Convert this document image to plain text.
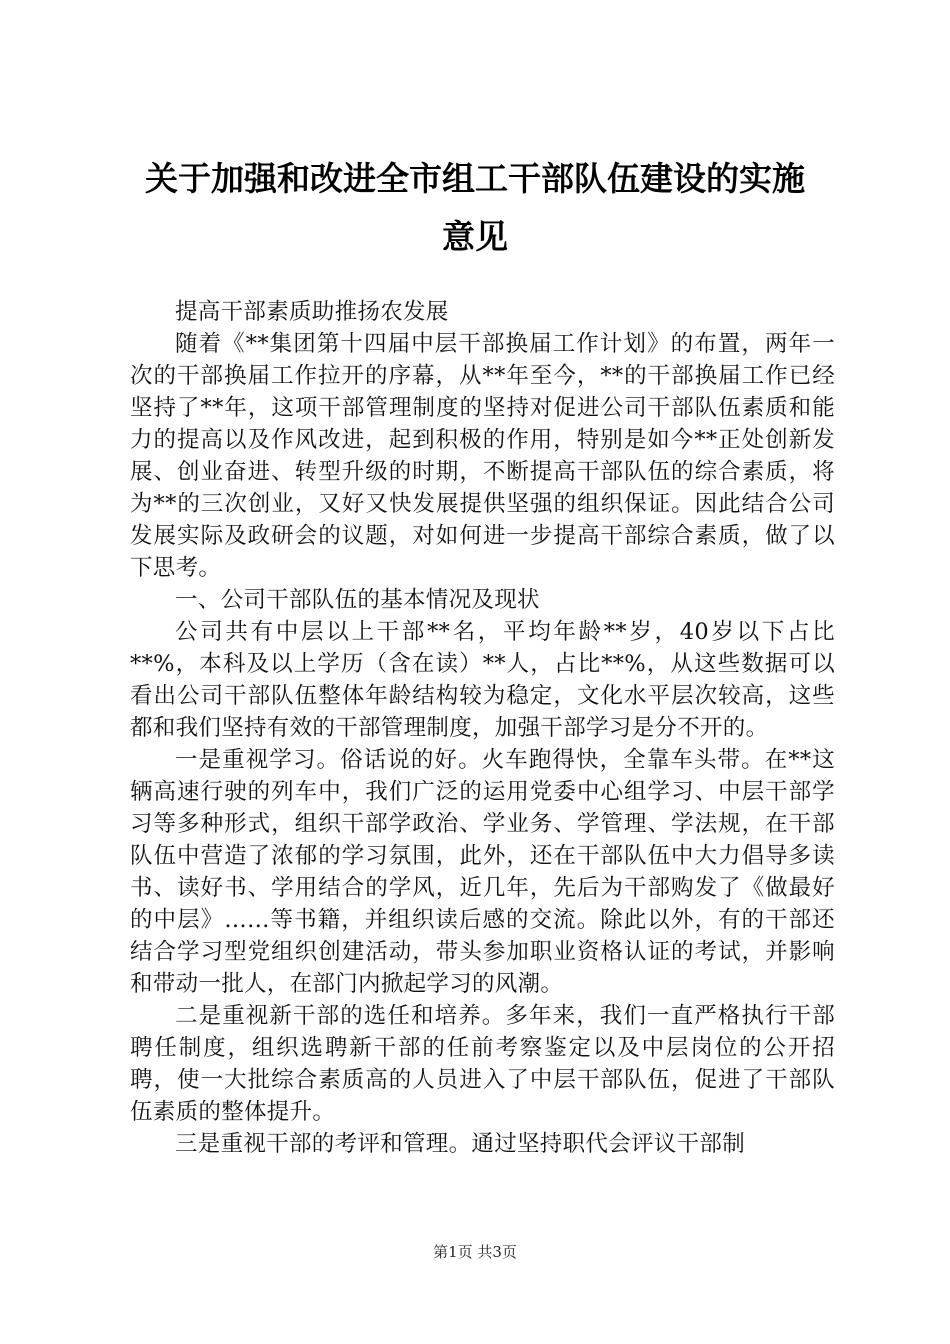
关于加强和改进全市组工干部队伍建设的实施
意见

提高干部素质助推扬农发展

随着《**集团第十四届中层干部换届工作计划》的布置，两年一次的干部换届工作拉开的序幕，从**年至今，**的干部换届工作已经坚持了**年，这项干部管理制度的坚持对促进公司干部队伍素质和能力的提高以及作风改进，起到积极的作用，特别是如今**正处创新发展、创业奋进、转型升级的时期，不断提高干部队伍的综合素质，将为**的三次创业，又好又快发展提供坚强的组织保证。因此结合公司发展实际及政研会的议题，对如何进一步提高干部综合素质，做了以下思考。

一、公司干部队伍的基本情况及现状

公司共有中层以上干部**名，平均年龄**岁，40岁以下占比**%，本科及以上学历（含在读）**人，占比**%，从这些数据可以看出公司干部队伍整体年龄结构较为稳定，文化水平层次较高，这些都和我们坚持有效的干部管理制度，加强干部学习是分不开的。

一是重视学习。俗话说的好。火车跑得快，全靠车头带。在**这辆高速行驶的列车中，我们广泛的运用党委中心组学习、中层干部学习等多种形式，组织干部学政治、学业务、学管理、学法规，在干部队伍中营造了浓郁的学习氛围，此外，还在干部队伍中大力倡导多读书、读好书、学用结合的学风，近几年，先后为干部购发了《做最好的中层》……等书籍，并组织读后感的交流。除此以外，有的干部还结合学习型党组织创建活动，带头参加职业资格认证的考试，并影响和带动一批人，在部门内掀起学习的风潮。

二是重视新干部的选任和培养。多年来，我们一直严格执行干部聘任制度，组织选聘新干部的任前考察鉴定以及中层岗位的公开招聘，使一大批综合素质高的人员进入了中层干部队伍，促进了干部队伍素质的整体提升。

三是重视干部的考评和管理。通过坚持职代会评议干部制

第1页 共3页
